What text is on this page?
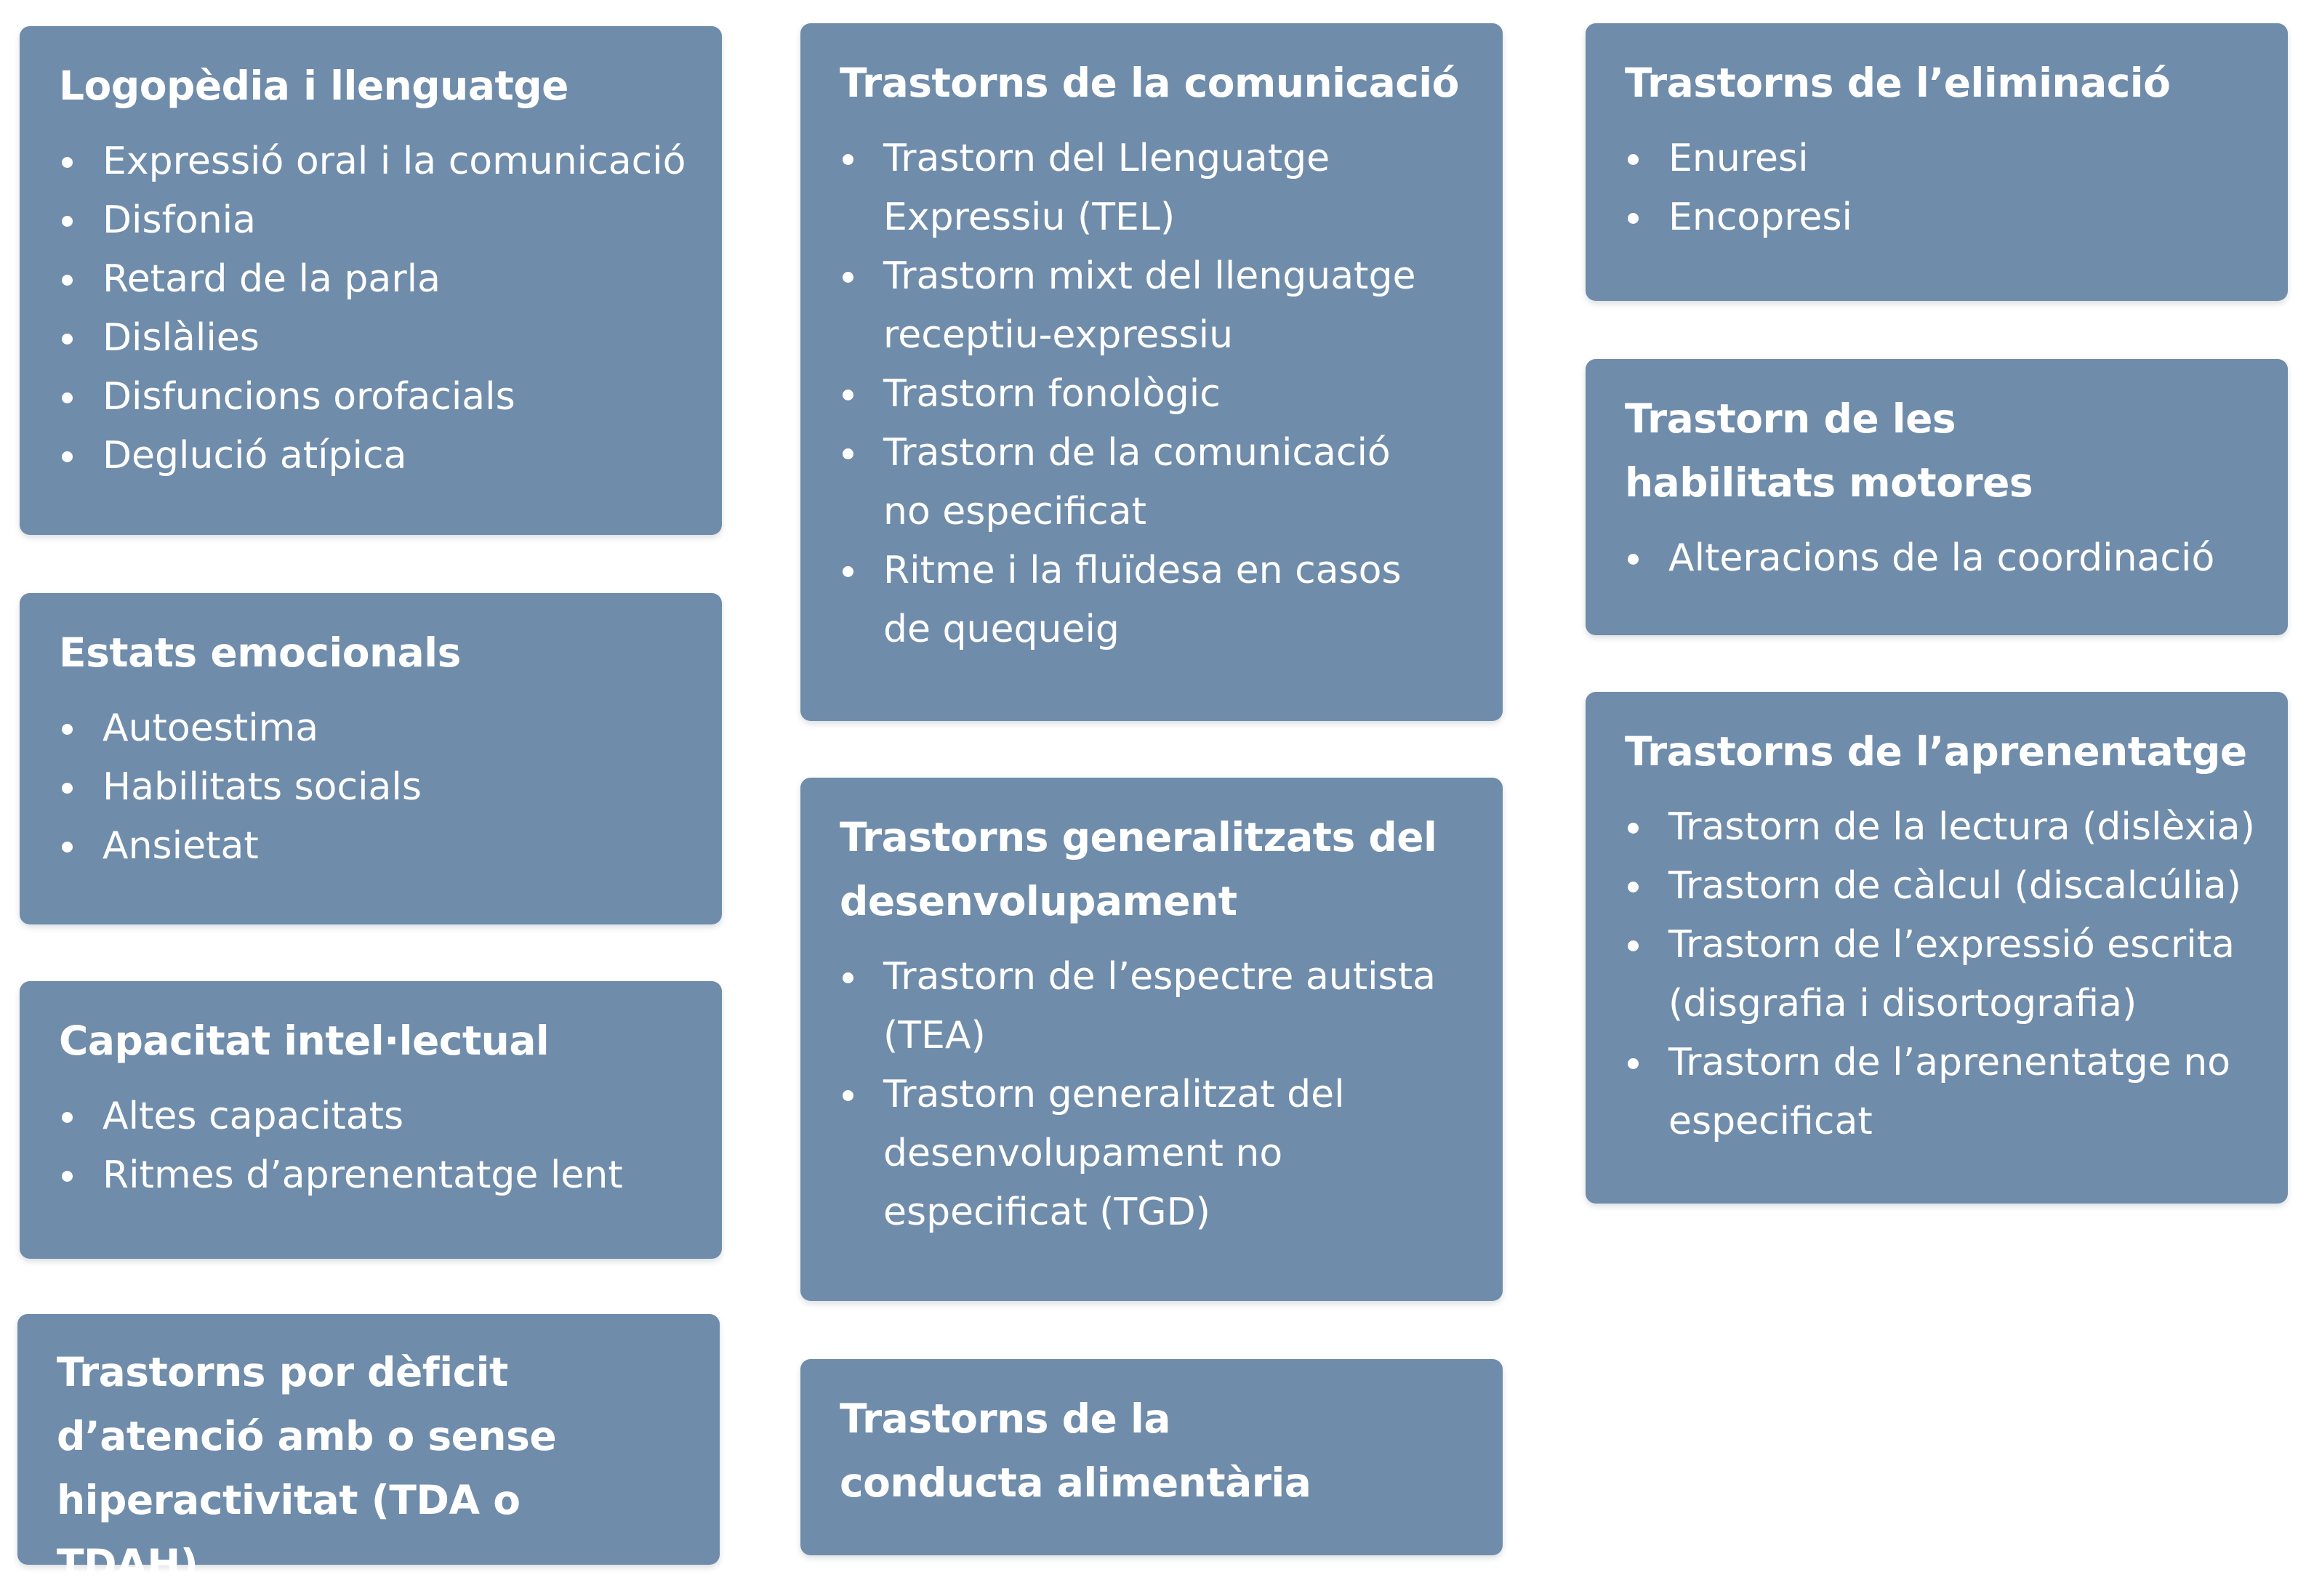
Logopèdia i llenguatge
Expressió oral i la comunicació
Disfonia
Retard de la parla
Dislàlies
Disfuncions orofacials
Deglució atípica
Estats emocionals
Autoestima
Habilitats socials
Ansietat
Capacitat intel·lectual
Altes capacitats
Ritmes d’aprenentatge lent
Trastorns por dèficit d’atenció amb o sense hiperactivitat (TDA o TDAH)
Trastorns de la comunicació
Trastorn del Llenguatge Expressiu (TEL)
Trastorn mixt del llenguatge receptiu-expressiu
Trastorn fonològic
Trastorn de la comunicació no especificat
Ritme i la fluïdesa en casos de quequeig
Trastorns generalitzats del desenvolupament
Trastorn de l’espectre autista (TEA)
Trastorn generalitzat del desenvolupament no especificat (TGD)
Trastorns de la conducta alimentària
Trastorns de l’eliminació
Enuresi
Encopresi
Trastorn de les habilitats motores
Alteracions de la coordinació
Trastorns de l’aprenentatge
Trastorn de la lectura (dislèxia)
Trastorn de càlcul (discalcúlia)
Trastorn de l’expressió escrita (disgrafia i disortografia)
Trastorn de l’aprenentatge no especificat
